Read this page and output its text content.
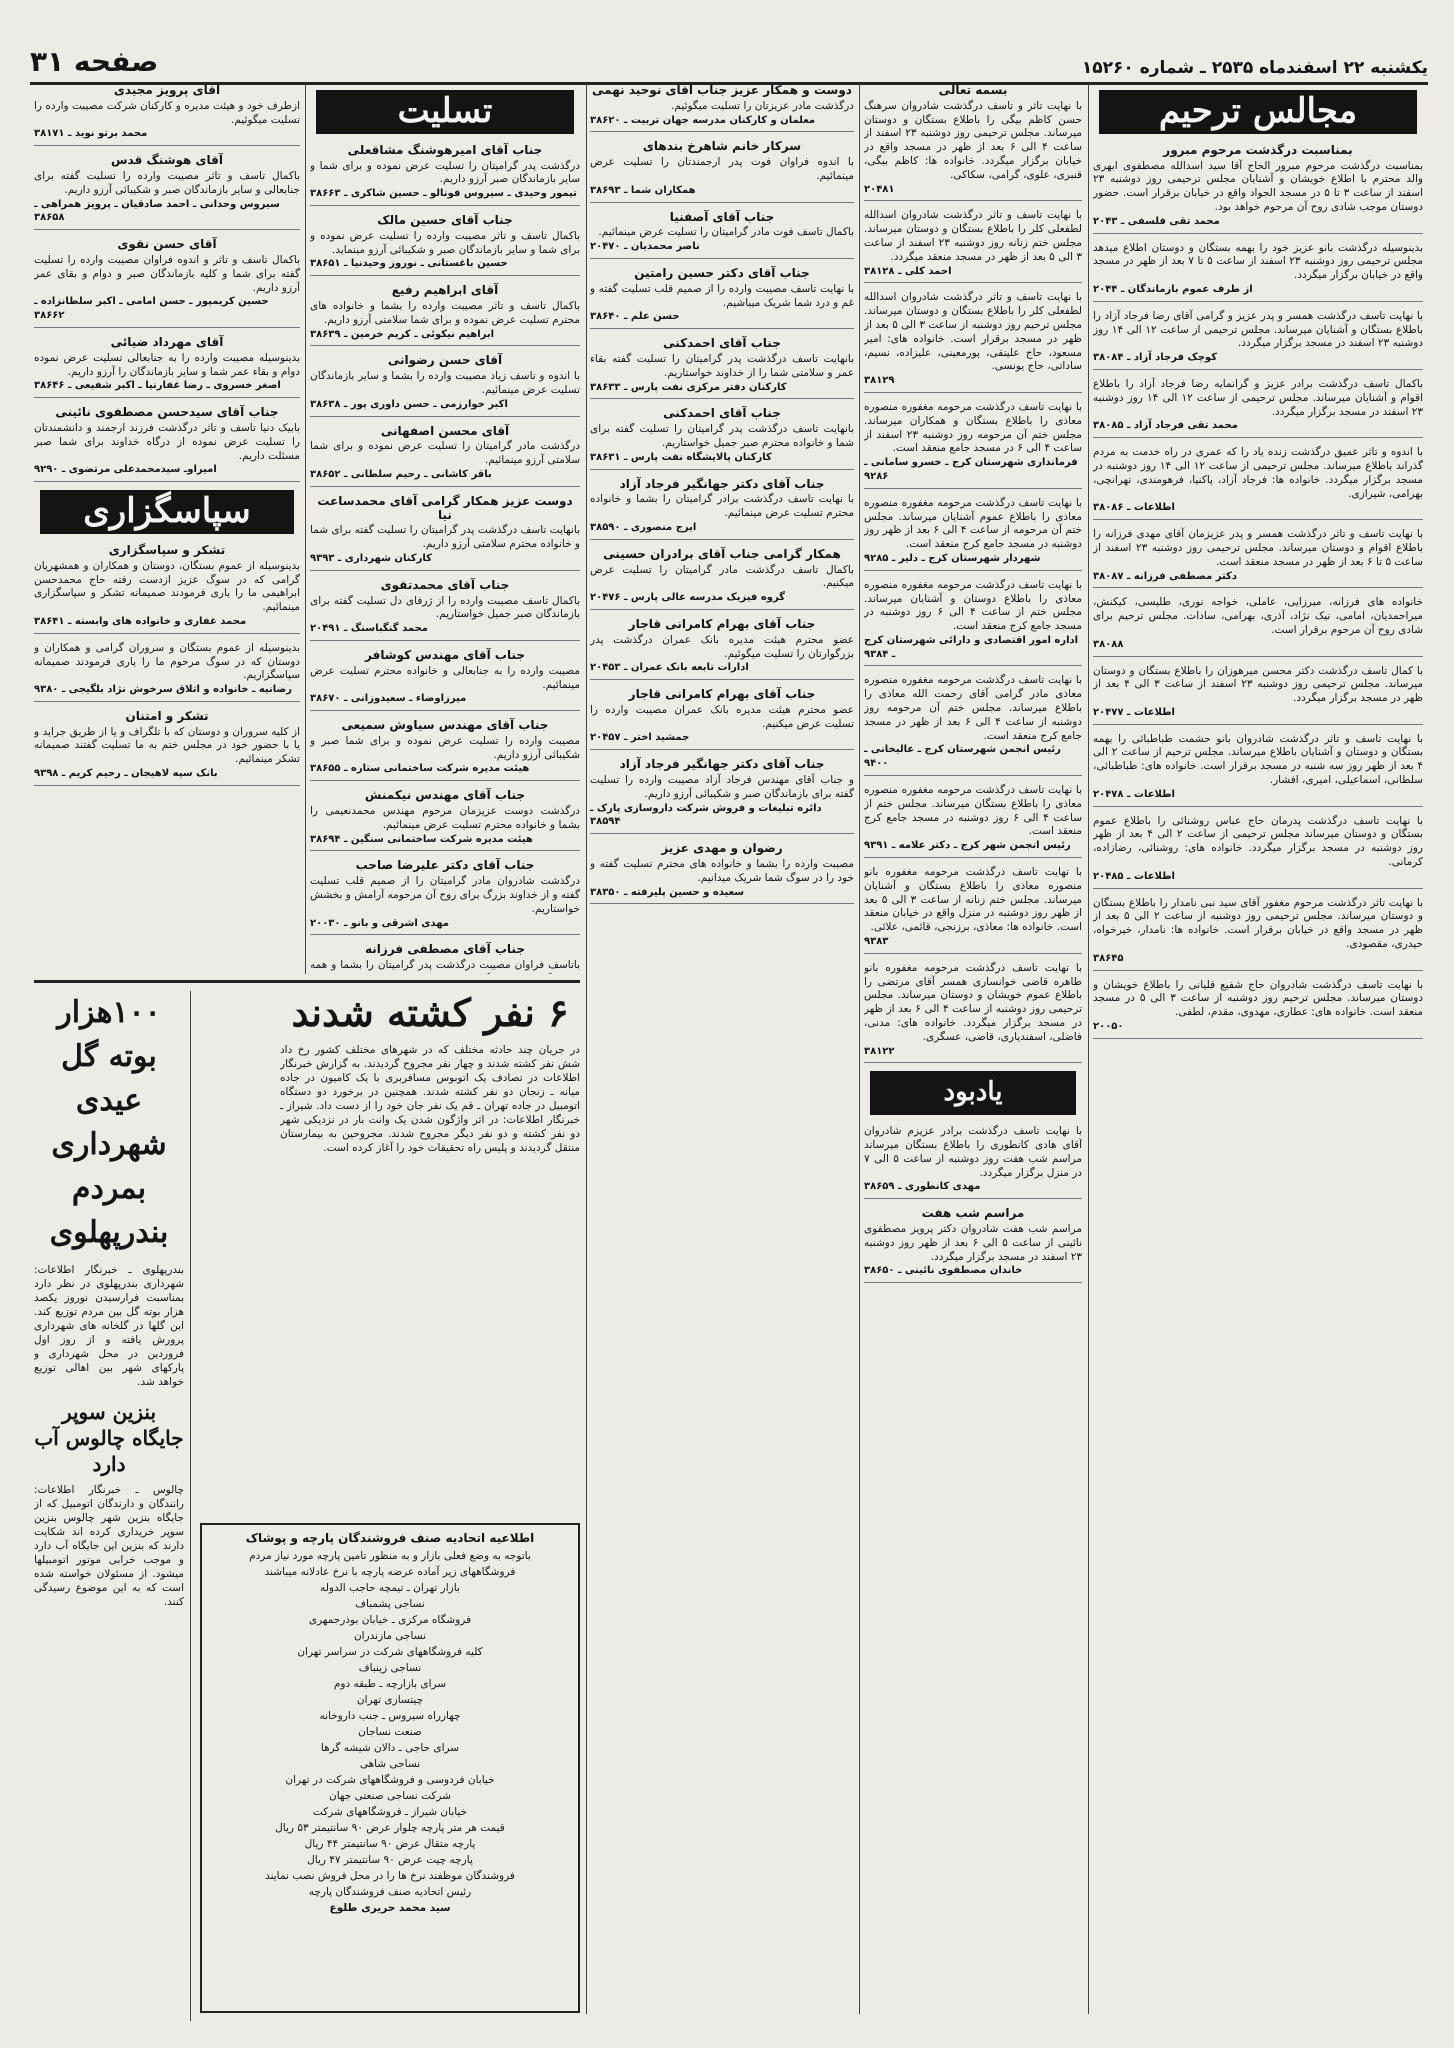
یکشنبه ۲۲ اسفندماه ۲۵۳۵ ـ شماره ۱۵۲۶۰
صفحه ۳۱
مجالس ترحیم
بمناسبت درگذشت مرحوم مبرور
بمناسبت درگذشت مرحوم مبرور الحاج آقا سید اسدالله مصطفوی ابهری والد محترم با اطلاع خویشان و آشنایان مجلس ترحیمی روز دوشنبه ۲۳ اسفند از ساعت ۳ تا ۵ در مسجد الجواد واقع در خیابان برقرار است. حضور دوستان موجب شادی روح آن مرحوم خواهد بود.
محمد تقی فلسفی ـ ۲۰۴۳
بدینوسیله درگذشت بانو عزیز خود را بهمه بستگان و دوستان اطلاع میدهد مجلس ترحیمی روز دوشنبه ۲۳ اسفند از ساعت ۵ تا ۷ بعد از ظهر در مسجد واقع در خیابان برگزار میگردد.
از طرف عموم بازماندگان ـ ۲۰۴۴
با نهایت تاسف درگذشت همسر و پدر عزیز و گرامی آقای رضا فرجاد آزاد را باطلاع بستگان و آشنایان میرساند. مجلس ترحیمی از ساعت ۱۲ الی ۱۴ روز دوشنبه ۲۳ اسفند در مسجد برگزار میگردد.
کوچک فرجاد آزاد ـ ۳۸۰۸۴
باکمال تاسف درگذشت برادر عزیز و گرانمایه رضا فرجاد آزاد را باطلاع اقوام و آشنایان میرساند. مجلس ترحیمی از ساعت ۱۲ الی ۱۴ روز دوشنبه ۲۳ اسفند در مسجد برگزار میگردد.
محمد تقی فرجاد آزاد ـ ۳۸۰۸۵
با اندوه و تاثر عمیق درگذشت زنده یاد را که عمری در راه خدمت به مردم گذراند باطلاع میرساند. مجلس ترحیمی از ساعت ۱۲ الی ۱۴ روز دوشنبه در مسجد برگزار میگردد. خانواده ها: فرجاد آزاد، پاکنیا، فرهومندی، تهرانچی، بهرامی، شیرازی.
اطلاعات ـ ۳۸۰۸۶
با نهایت تاسف و تاثر درگذشت همسر و پدر عزیزمان آقای مهدی فرزانه را باطلاع اقوام و دوستان میرساند. مجلس ترحیمی روز دوشنبه ۲۳ اسفند از ساعت ۵ تا ۶ بعد از ظهر در مسجد منعقد است.
دکتر مصطفی فرزانه ـ ۳۸۰۸۷
خانواده های فرزانه، میرزایی، عاملی، خواجه نوری، طلیسی، کیکنش، میراحمدیان، امامی، نیک نژاد، آذری، بهرامی، سادات. مجلس ترحیم برای شادی روح آن مرحوم برقرار است.
۳۸۰۸۸
با کمال تاسف درگذشت دکتر محسن میرهوزان را باطلاع بستگان و دوستان میرساند. مجلس ترحیمی روز دوشنبه ۲۳ اسفند از ساعت ۳ الی ۴ بعد از ظهر در مسجد برگزار میگردد.
اطلاعات ـ ۲۰۴۷۷
با نهایت تاسف و تاثر درگذشت شادروان بانو حشمت طباطبائی را بهمه بستگان و دوستان و آشنایان باطلاع میرساند. مجلس ترحیم از ساعت ۲ الی ۴ بعد از ظهر روز سه شنبه در مسجد برقرار است. خانواده های: طباطبائی، سلطانی، اسماعیلی، امیری، افشار.
اطلاعات ـ ۲۰۴۷۸
با نهایت تاسف درگذشت پدرمان حاج عباس روشنائی را باطلاع عموم بستگان و دوستان میرساند مجلس ترحیمی از ساعت ۲ الی ۴ بعد از ظهر روز دوشنبه در مسجد برگزار میگردد. خانواده های: روشنائی، رضازاده، کرمانی.
اطلاعات ـ ۲۰۴۸۵
با نهایت تاثر درگذشت مرحوم مغفور آقای سید نبی نامدار را باطلاع بستگان و دوستان میرساند. مجلس ترحیمی روز دوشنبه از ساعت ۲ الی ۵ بعد از ظهر در مسجد واقع در خیابان برقرار است. خانواده ها: نامدار، خیرخواه، حیدری، مقصودی.
۳۸۶۴۵
با نهایت تاسف درگذشت شادروان حاج شفیع قلیانی را باطلاع خویشان و دوستان میرساند. مجلس ترحیم روز دوشنبه از ساعت ۳ الی ۵ در مسجد منعقد است. خانواده های: عطاری، مهدوی، مقدم، لطفی.
۲۰۰۵۰
بسمه تعالی
با نهایت تاثر و تاسف درگذشت شادروان سرهنگ حسن کاظم بیگی را باطلاع بستگان و دوستان میرساند. مجلس ترحیمی روز دوشنبه ۲۳ اسفند از ساعت ۴ الی ۶ بعد از ظهر در مسجد واقع در خیابان برگزار میگردد. خانواده ها: کاظم بیگی، قنبری، علوی، گرامی، سکاکی.
۲۰۴۸۱
با نهایت تاسف و تاثر درگذشت شادروان اسدالله لطفعلی کلر را باطلاع بستگان و دوستان میرساند. مجلس ختم زنانه روز دوشنبه ۲۳ اسفند از ساعت ۳ الی ۵ بعد از ظهر در مسجد منعقد میگردد.
احمد کلی ـ ۳۸۱۲۸
با نهایت تاسف و تاثر درگذشت شادروان اسدالله لطفعلی کلر را باطلاع بستگان و دوستان میرساند. مجلس ترحیم روز دوشنبه از ساعت ۳ الی ۵ بعد از ظهر در مسجد برقرار است. خانواده های: امیر مسعود، حاج علینقی، پورمعینی، علیزاده، نسیم، ساداتی، حاج یونسی.
۳۸۱۲۹
با نهایت تاسف درگذشت مرحومه مغفوره منصوره معاذی را باطلاع بستگان و همکاران میرساند. مجلس ختم آن مرحومه روز دوشنبه ۲۳ اسفند از ساعت ۴ الی ۶ در مسجد جامع منعقد است.
فرمانداری شهرستان کرج ـ خسرو سامانی ـ ۹۲۸۶
با نهایت تاسف درگذشت مرحومه مغفوره منصوره معاذی را باطلاع عموم آشنایان میرساند. مجلس ختم آن مرحومه از ساعت ۴ الی ۶ بعد از ظهر روز دوشنبه در مسجد جامع کرج منعقد است.
شهردار شهرستان کرج ـ دلیر ـ ۹۲۸۵
با نهایت تاسف درگذشت مرحومه مغفوره منصوره معاذی را باطلاع دوستان و آشنایان میرساند. مجلس ختم از ساعت ۴ الی ۶ روز دوشنبه در مسجد جامع کرج منعقد است.
اداره امور اقتصادی و دارائی شهرستان کرج ـ ۹۳۸۴
با نهایت تاسف درگذشت مرحومه مغفوره منصوره معاذی مادر گرامی آقای رحمت الله معاذی را باطلاع میرساند. مجلس ختم آن مرحومه روز دوشنبه از ساعت ۴ الی ۶ بعد از ظهر در مسجد جامع کرج منعقد است.
رئیس انجمن شهرستان کرج ـ عالیخانی ـ ۹۴۰۰
با نهایت تاسف درگذشت مرحومه مغفوره منصوره معاذی را باطلاع بستگان میرساند. مجلس ختم از ساعت ۴ الی ۶ روز دوشنبه در مسجد جامع کرج منعقد است.
رئیس انجمن شهر کرج ـ دکتر علامه ـ ۹۳۹۱
با نهایت تاسف درگذشت مرحومه مغفوره بانو منصوره معاذی را باطلاع بستگان و آشنایان میرساند. مجلس ختم زنانه از ساعت ۳ الی ۵ بعد از ظهر روز دوشنبه در منزل واقع در خیابان منعقد است. خانواده ها: معاذی، برزنجی، قائمی، علائی.
۹۳۸۳
با نهایت تاسف درگذشت مرحومه مغفوره بانو طاهره قاضی خوانساری همسر آقای مرتضی را باطلاع عموم خویشان و دوستان میرساند. مجلس ترحیمی روز دوشنبه از ساعت ۴ الی ۶ بعد از ظهر در مسجد برگزار میگردد. خانواده های: مدنی، فاضلی، اسفندیاری، قاضی، عسگری.
۳۸۱۲۲
یادبود
با نهایت تاسف درگذشت برادر عزیزم شادروان آقای هادی کانطوری را باطلاع بستگان میرساند مراسم شب هفت روز دوشنبه از ساعت ۵ الی ۷ در منزل برگزار میگردد.
مهدی کانطوری ـ ۳۸۶۵۹
مراسم شب هفت
مراسم شب هفت شادروان دکتر پرویز مصطفوی نائینی از ساعت ۵ الی ۶ بعد از ظهر روز دوشنبه ۲۳ اسفند در مسجد برگزار میگردد.
خاندان مصطفوی نائینی ـ ۳۸۶۵۰
دوست و همکار عزیز جناب آقای نوحید نهمی
درگذشت مادر عزیزتان را تسلیت میگوئیم.
معلمان و کارکنان مدرسه جهان تربیت ـ ۳۸۶۲۰
سرکار خانم شاهرخ بندهای
با اندوه فراوان فوت پدر ارجمندتان را تسلیت عرض مینمائیم.
همکاران شما ـ ۳۸۶۹۳
جناب آقای آصفنیا
باکمال تاسف فوت مادر گرامیتان را تسلیت عرض مینمائیم.
ناصر محمدیان ـ ۲۰۴۷۰
جناب آقای دکتر حسین رامتین
با نهایت تاسف مصیبت وارده را از صمیم قلب تسلیت گفته و غم و درد شما شریک میباشیم.
حسن علم ـ ۳۸۶۴۰
جناب آقای احمدکنی
بانهایت تاسف درگذشت پدر گرامیتان را تسلیت گفته بقاء عمر و سلامتی شما را از خداوند خواستاریم.
کارکنان دفتر مرکزی نفت پارس ـ ۳۸۶۳۳
جناب آقای احمدکنی
بانهایت تاسف درگذشت پدر گرامیتان را تسلیت گفته برای شما و خانواده محترم صبر جمیل خواستاریم.
کارکنان پالایشگاه نفت پارس ـ ۳۸۶۳۱
جناب آقای دکتر جهانگیر فرجاد آزاد
با نهایت تاسف درگذشت برادر گرامیتان را بشما و خانواده محترم تسلیت عرض مینمائیم.
ایرج منصوری ـ ۳۸۵۹۰
همکار گرامی جناب آقای برادران حسینی
باکمال تاسف درگذشت مادر گرامیتان را تسلیت عرض میکنیم.
گروه فیزیک مدرسه عالی پارس ـ ۲۰۴۷۶
جناب آقای بهرام کامرانی قاجار
عضو محترم هیئت مدیره بانک عمران درگذشت پدر بزرگوارتان را تسلیت میگوئیم.
ادارات تابعه بانک عمران ـ ۲۰۴۵۳
جناب آقای بهرام کامرانی قاجار
عضو محترم هیئت مدیره بانک عمران مصیبت وارده را تسلیت عرض میکنیم.
جمشید اختر ـ ۲۰۴۵۷
جناب آقای دکتر جهانگیر فرجاد آزاد
و جناب آقای مهندس فرجاد آزاد مصیبت وارده را تسلیت گفته برای بازماندگان صبر و شکیبائی آرزو داریم.
دائره تبلیغات و فروش شرکت داروسازی پارک ـ ۳۸۵۹۴
رضوان و مهدی عزیز
مصیبت وارده را بشما و خانواده های محترم تسلیت گفته و خود را در سوگ شما شریک میدانیم.
سعیده و حسین پلیرفته ـ ۳۸۳۵۰
تسلیت
جناب آقای امیرهوشنگ مشاقعلی
درگذشت پدر گرامیتان را تسلیت عرض نموده و برای شما و سایر بازماندگان صبر آرزو داریم.
تیمور وحیدی ـ سیروس فونالو ـ حسین شاکری ـ ۳۸۶۶۳
جناب آقای حسین مالک
باکمال تاسف و تاثر مصیبت وارده را تسلیت عرض نموده و برای شما و سایر بازماندگان صبر و شکیبائی آرزو مینماید.
حسین باغستانی ـ نوروز وحیدنیا ـ ۳۸۶۵۱
آقای ابراهیم رفیع
باکمال تاسف و تاثر مصیبت وارده را بشما و خانواده های محترم تسلیت عرض نموده و برای شما سلامتی آرزو داریم.
ابراهیم نیکوئی ـ کریم خرمین ـ ۳۸۶۳۹
آقای حسن رضوانی
با اندوه و تاسف زیاد مصیبت وارده را بشما و سایر بازماندگان تسلیت عرض مینمائیم.
اکبر خوارزمی ـ حسن داوری پور ـ ۳۸۶۳۸
آقای محسن اصفهانی
درگذشت مادر گرامیتان را تسلیت عرض نموده و برای شما سلامتی آرزو مینمائیم.
باقر کاشانی ـ رحیم سلطانی ـ ۳۸۶۵۲
دوست عزیز همکار گرامی آقای محمدساعت نیا
بانهایت تاسف درگذشت پدر گرامیتان را تسلیت گفته برای شما و خانواده محترم سلامتی آرزو داریم.
کارکنان شهرداری ـ ۹۳۹۳
جناب آقای محمدتقوی
باکمال تاسف مصیبت وارده را از ژرفای دل تسلیت گفته برای بازماندگان صبر جمیل خواستاریم.
محمد گنگباسنگ ـ ۲۰۴۹۱
جناب آقای مهندس کوشافر
مصیبت وارده را به جنابعالی و خانواده محترم تسلیت عرض مینمائیم.
میرزاوضاء ـ سعیدوزانی ـ ۳۸۶۷۰
جناب آقای مهندس سیاوش سمیعی
مصیبت وارده را تسلیت عرض نموده و برای شما صبر و شکیبائی آرزو داریم.
هیئت مدیره شرکت ساختمانی ستاره ـ ۳۸۶۵۵
جناب آقای مهندس نیکمنش
درگذشت دوست عزیزمان مرحوم مهندس محمدنعیمی را بشما و خانواده محترم تسلیت عرض مینمائیم.
هیئت مدیره شرکت ساختمانی سنگین ـ ۳۸۶۹۴
جناب آقای دکتر علیرضا صاحب
درگذشت شادروان مادر گرامیتان را از صمیم قلب تسلیت گفته و از خداوند بزرگ برای روح آن مرحومه آرامش و بخشش خواستاریم.
مهدی اشرقی و بانو ـ ۲۰۰۳۰
جناب آقای مصطفی فرزانه
باتاسف فراوان مصیبت درگذشت پدر گرامیتان را بشما و همه
آقای پرویز مجیدی
ازطرف خود و هیئت مدیره و کارکنان شرکت مصیبت وارده را تسلیت میگوئیم.
محمد برتو نوید ـ ۳۸۱۷۱
آقای هوشنگ قدس
باکمال تاسف و تاثر مصیبت وارده را تسلیت گفته برای جنابعالی و سایر بازماندگان صبر و شکیبائی آرزو داریم.
سیروس وحدانی ـ احمد صادقیان ـ پرویز همراهی ـ ۳۸۶۵۸
آقای حسن نقوی
باکمال تاسف و تاثر و اندوه فراوان مصیبت وارده را تسلیت گفته برای شما و کلیه بازماندگان صبر و دوام و بقای عمر آرزو داریم.
حسین کریمپور ـ حسن امامی ـ اکبر سلطانزاده ـ ۳۸۶۶۲
آقای مهرداد ضیائی
بدینوسیله مصیبت وارده را به جنابعالی تسلیت عرض نموده دوام و بقاء عمر شما و سایر بازماندگان را آرزو داریم.
اصغر خسروی ـ رضا غفارنیا ـ اکبر شفیعی ـ ۳۸۶۴۶
جناب آقای سیدحسن مصطفوی نائینی
بابیک دنیا تاسف و تاثر درگذشت فرزند ارجمند و دانشمندتان را تسلیت عرض نموده از درگاه خداوند برای شما صبر مسئلت داریم.
امیراوـ سیدمحمدعلی مرتضوی ـ ۹۲۹۰
سپاسگزاری
تشکر و سپاسگزاری
بدینوسیله از عموم بستگان، دوستان و همکاران و همشهریان گرامی که در سوگ عزیز ازدست رفته حاج محمدحسن ابراهیمی ما را یاری فرمودند صمیمانه تشکر و سپاسگزاری مینمائیم.
محمد غفاری و خانواده های وابسته ـ ۳۸۶۴۱
بدینوسیله از عموم بستگان و سروران گرامی و همکاران و دوستان که در سوگ مرحوم ما را یاری فرمودند صمیمانه سپاسگزاریم.
رضانیه ـ خانواده و اتلاق سرخوش نژاد بلگیجی ـ ۹۳۸۰
تشکر و امتنان
از کلیه سروران و دوستان که با تلگراف و یا از طریق جراید و یا با حضور خود در مجلس ختم به ما تسلیت گفتند صمیمانه تشکر مینمائیم.
بانک سپه لاهیجان ـ رحیم کریم ـ ۹۳۹۸
۶ نفر کشته شدند
در جریان چند حادثه مختلف که در شهرهای مختلف کشور رخ داد شش نفر کشته شدند و چهار نفر مجروح گردیدند. به گزارش خبرنگار اطلاعات در تصادف یک اتوبوس مسافربری با یک کامیون در جاده میانه ـ زنجان دو نفر کشته شدند. همچنین در برخورد دو دستگاه اتومبیل در جاده تهران ـ قم یک نفر جان خود را از دست داد. شیراز ـ خبرنگار اطلاعات: در اثر واژگون شدن یک وانت بار در نزدیکی شهر دو نفر کشته و دو نفر دیگر مجروح شدند. مجروحین به بیمارستان منتقل گردیدند و پلیس راه تحقیقات خود را آغاز کرده است.
۱۰۰هزار بوته گل عیدی شهرداری بمردم بندرپهلوی
بندرپهلوی ـ خبرنگار اطلاعات: شهرداری بندرپهلوی در نظر دارد بمناسبت فرارسیدن نوروز یکصد هزار بوته گل بین مردم توزیع کند. این گلها در گلخانه های شهرداری پرورش یافته و از روز اول فروردین در محل شهرداری و پارکهای شهر بین اهالی توزیع خواهد شد.
بنزین سوپر جایگاه چالوس آب دارد
چالوس ـ خبرنگار اطلاعات: رانندگان و دارندگان اتومبیل که از جایگاه بنزین شهر چالوس بنزین سوپر خریداری کرده اند شکایت دارند که بنزین این جایگاه آب دارد و موجب خرابی موتور اتومبیلها میشود. از مسئولان خواسته شده است که به این موضوع رسیدگی کنند.
اطلاعیه اتحادیه صنف فروشندگان پارچه و پوشاک
باتوجه به وضع فعلی بازار و به منظور تامین پارچه مورد نیاز مردم
فروشگاههای زیر آماده عرضه پارچه با نرخ عادلانه میباشند
بازار تهران ـ تیمچه حاجب الدوله
نساجی پشمباف
فروشگاه مرکزی ـ خیابان بوذرجمهری
نساجی مازندران
کلیه فروشگاههای شرکت در سراسر تهران
نساجی زینباف
سرای بازارچه ـ طبقه دوم
چیتسازی تهران
چهارراه سیروس ـ جنب داروخانه
صنعت نساجان
سرای حاجی ـ دالان شیشه گرها
نساجی شاهی
خیابان فردوسی و فروشگاههای شرکت در تهران
شرکت نساجی صنعتی جهان
خیابان شیراز ـ فروشگاههای شرکت
قیمت هر متر پارچه چلوار عرض ۹۰ سانتیمتر ۵۳ ریال
پارچه متقال عرض ۹۰ سانتیمتر ۴۴ ریال
پارچه چیت عرض ۹۰ سانتیمتر ۴۷ ریال
فروشندگان موظفند نرخ ها را در محل فروش نصب نمایند
رئیس اتحادیه صنف فروشندگان پارچه
سید محمد حریری طلوع
